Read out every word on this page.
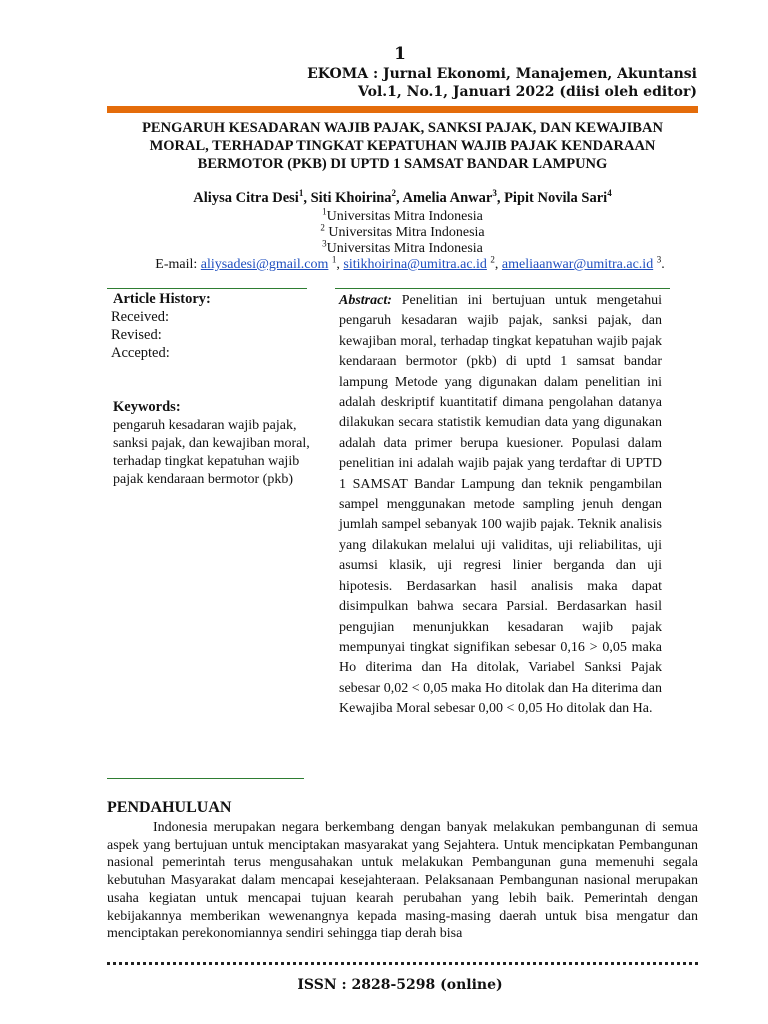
1
EKOMA : Jurnal Ekonomi, Manajemen, Akuntansi
Vol.1, No.1, Januari 2022 (diisi oleh editor)
PENGARUH KESADARAN WAJIB PAJAK, SANKSI PAJAK, DAN KEWAJIBAN MORAL, TERHADAP TINGKAT KEPATUHAN WAJIB PAJAK KENDARAAN BERMOTOR (PKB) DI UPTD 1 SAMSAT BANDAR LAMPUNG
Aliysa Citra Desi$^1$, Siti Khoirina$^2$, Amelia Anwar$^3$, Pipit Novila Sari$^4$
$^1$Universitas Mitra Indonesia
$^2$ Universitas Mitra Indonesia
$^3$Universitas Mitra Indonesia
E-mail: aliysadesi@gmail.com $^1$, sitikhoirina@umitra.ac.id $^2$, ameliaanwar@umitra.ac.id $^3$.
Article History:
Received:
Revised:
Accepted:
Keywords:
pengaruh kesadaran wajib pajak, sanksi pajak, dan kewajiban moral, terhadap tingkat kepatuhan wajib pajak kendaraan bermotor (pkb)
Abstract: Penelitian ini bertujuan untuk mengetahui pengaruh kesadaran wajib pajak, sanksi pajak, dan kewajiban moral, terhadap tingkat kepatuhan wajib pajak kendaraan bermotor (pkb) di uptd 1 samsat bandar lampung Metode yang digunakan dalam penelitian ini adalah deskriptif kuantitatif dimana pengolahan datanya dilakukan secara statistik kemudian data yang digunakan adalah data primer berupa kuesioner. Populasi dalam penelitian ini adalah wajib pajak yang terdaftar di UPTD 1 SAMSAT Bandar Lampung dan teknik pengambilan sampel menggunakan metode sampling jenuh dengan jumlah sampel sebanyak 100 wajib pajak. Teknik analisis yang dilakukan melalui uji validitas, uji reliabilitas, uji asumsi klasik, uji regresi linier berganda dan uji hipotesis. Berdasarkan hasil analisis maka dapat disimpulkan bahwa secara Parsial. Berdasarkan hasil pengujian menunjukkan kesadaran wajib pajak mempunyai tingkat signifikan sebesar 0,16 > 0,05 maka Ho diterima dan Ha ditolak, Variabel Sanksi Pajak sebesar 0,02 < 0,05 maka Ho ditolak dan Ha diterima dan Kewajiba Moral sebesar 0,00 < 0,05 Ho ditolak dan Ha.
PENDAHULUAN
Indonesia merupakan negara berkembang dengan banyak melakukan pembangunan di semua aspek yang bertujuan untuk menciptakan masyarakat yang Sejahtera. Untuk mencipkatan Pembangunan nasional pemerintah terus mengusahakan untuk melakukan Pembangunan guna memenuhi segala kebutuhan Masyarakat dalam mencapai kesejahteraan. Pelaksanaan Pembangunan nasional merupakan usaha kegiatan untuk mencapai tujuan kearah perubahan yang lebih baik. Pemerintah dengan kebijakannya memberikan wewenangnya kepada masing-masing daerah untuk bisa mengatur dan menciptakan perekonomiannya sendiri sehingga tiap derah bisa
ISSN : 2828-5298 (online)
